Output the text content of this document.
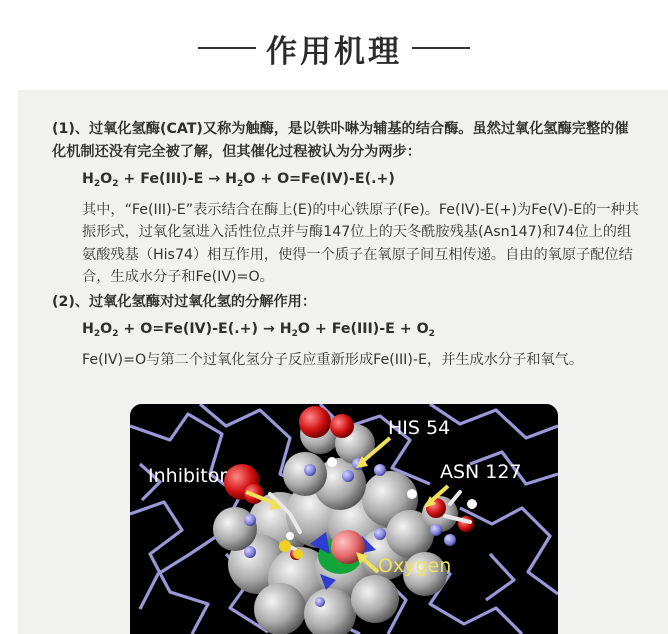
作用机理

(1)、过氧化氢酶(CAT)又称为触酶，是以铁卟啉为辅基的结合酶。虽然过氧化氢酶完整的催化机制还没有完全被了解，但其催化过程被认为分为两步：

$H_2O_2 + Fe(III)-E \to H_2O + O=Fe(IV)-E(.+)$

其中，“Fe(III)-E”表示结合在酶上(E)的中心铁原子(Fe)。Fe(IV)-E(+)为Fe(V)-E的一种共振形式，过氧化氢进入活性位点并与酶147位上的天冬酰胺残基(Asn147)和74位上的组氨酸残基（His74）相互作用，使得一个质子在氧原子间互相传递。自由的氧原子配位结合，生成水分子和Fe(IV)=O。

(2)、过氧化氢酶对过氧化氢的分解作用：

$H_2O_2 + O=Fe(IV)-E(.+) \to H_2O + Fe(III)-E + O_2$

Fe(IV)=O与第二个过氧化氢分子反应重新形成Fe(III)-E，并生成水分子和氧气。

HIS 54
ASN 127
Inhibitor
Oxygen
